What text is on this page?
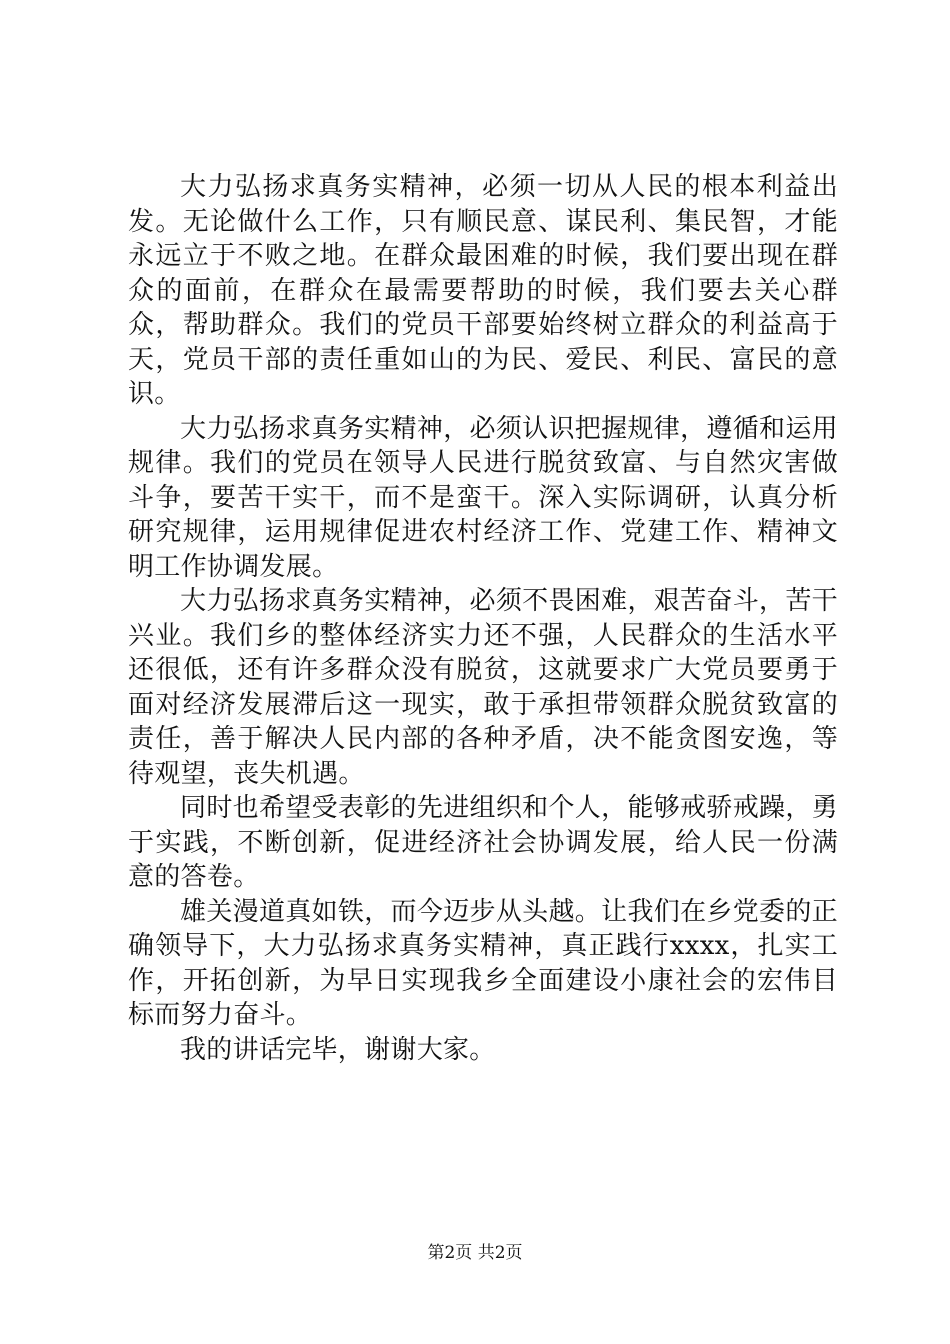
大力弘扬求真务实精神，必须一切从人民的根本利益出发。无论做什么工作，只有顺民意、谋民利、集民智，才能永远立于不败之地。在群众最困难的时候，我们要出现在群众的面前，在群众在最需要帮助的时候，我们要去关心群众，帮助群众。我们的党员干部要始终树立群众的利益高于天，党员干部的责任重如山的为民、爱民、利民、富民的意识。

大力弘扬求真务实精神，必须认识把握规律，遵循和运用规律。我们的党员在领导人民进行脱贫致富、与自然灾害做斗争，要苦干实干，而不是蛮干。深入实际调研，认真分析研究规律，运用规律促进农村经济工作、党建工作、精神文明工作协调发展。

大力弘扬求真务实精神，必须不畏困难，艰苦奋斗，苦干兴业。我们乡的整体经济实力还不强，人民群众的生活水平还很低，还有许多群众没有脱贫，这就要求广大党员要勇于面对经济发展滞后这一现实，敢于承担带领群众脱贫致富的责任，善于解决人民内部的各种矛盾，决不能贪图安逸，等待观望，丧失机遇。

同时也希望受表彰的先进组织和个人，能够戒骄戒躁，勇于实践，不断创新，促进经济社会协调发展，给人民一份满意的答卷。

雄关漫道真如铁，而今迈步从头越。让我们在乡党委的正确领导下，大力弘扬求真务实精神，真正践行xxxx，扎实工作，开拓创新，为早日实现我乡全面建设小康社会的宏伟目标而努力奋斗。

我的讲话完毕，谢谢大家。

第2页 共2页
